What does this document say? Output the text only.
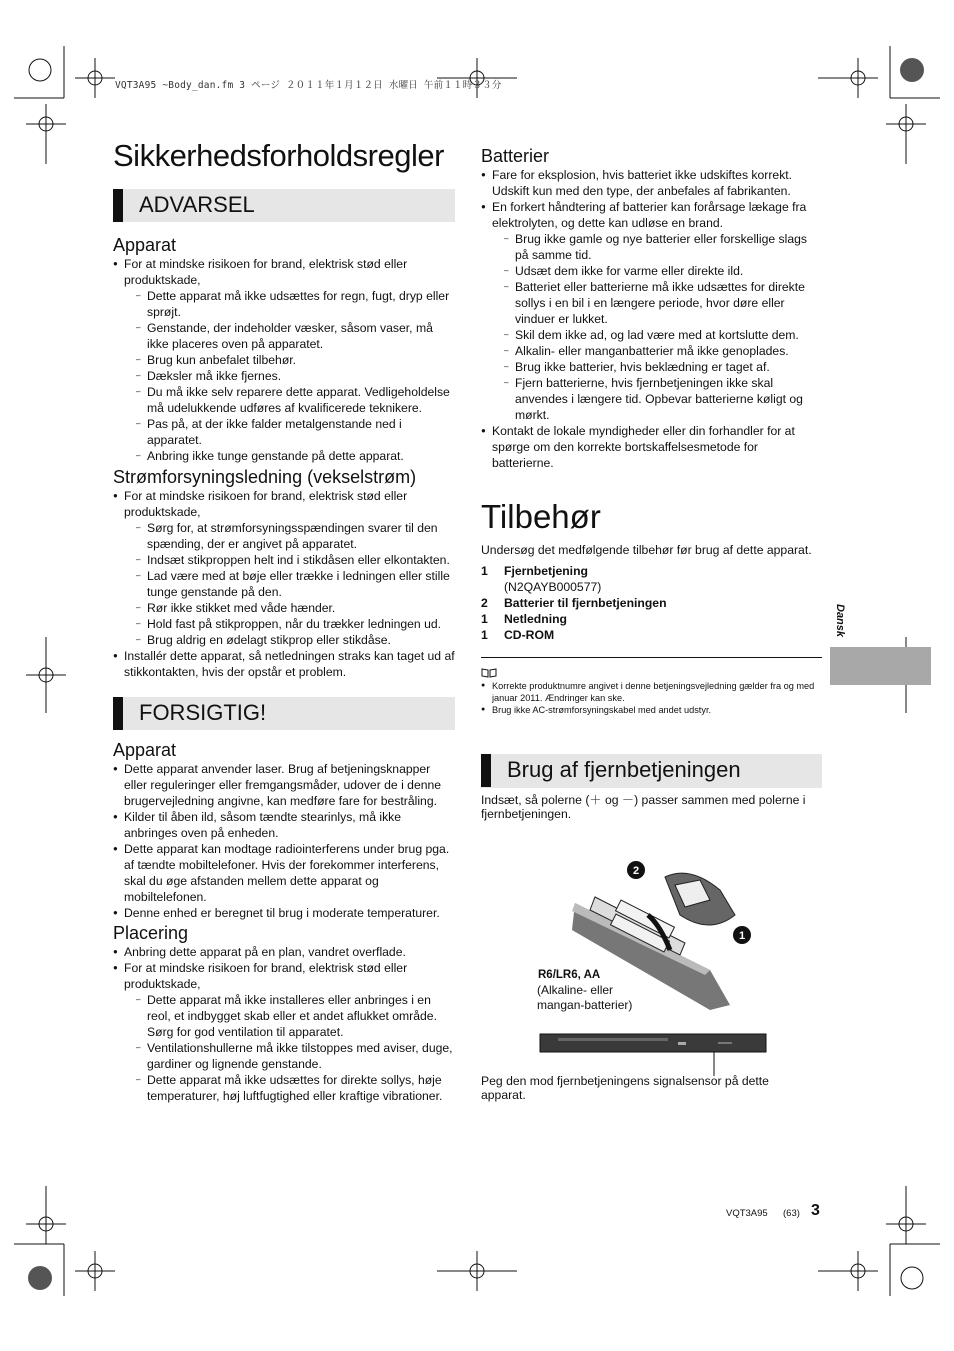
VQT3A95 ~Body_dan.fm 3 ページ ２０１１年１月１２日 水曜日 午前１１時３３分
Sikkerhedsforholdsregler
ADVARSEL
Apparat
● For at mindske risikoen for brand, elektrisk stød eller produktskade,
– Dette apparat må ikke udsættes for regn, fugt, dryp eller sprøjt.
– Genstande, der indeholder væsker, såsom vaser, må ikke placeres oven på apparatet.
– Brug kun anbefalet tilbehør.
– Dæksler må ikke fjernes.
– Du må ikke selv reparere dette apparat. Vedligeholdelse må udelukkende udføres af kvalificerede teknikere.
– Pas på, at der ikke falder metalgenstande ned i apparatet.
– Anbring ikke tunge genstande på dette apparat.
Strømforsyningsledning (vekselstrøm)
● For at mindske risikoen for brand, elektrisk stød eller produktskade,
– Sørg for, at strømforsyningsspændingen svarer til den spænding, der er angivet på apparatet.
– Indsæt stikproppen helt ind i stikdåsen eller elkontakten.
– Lad være med at bøje eller trække i ledningen eller stille tunge genstande på den.
– Rør ikke stikket med våde hænder.
– Hold fast på stikproppen, når du trækker ledningen ud.
– Brug aldrig en ødelagt stikprop eller stikdåse.
● Installér dette apparat, så netledningen straks kan taget ud af stikkontakten, hvis der opstår et problem.
FORSIGTIG!
Apparat
● Dette apparat anvender laser. Brug af betjeningsknapper eller reguleringer eller fremgangsmåder, udover de i denne brugervejledning angivne, kan medføre fare for bestråling.
● Kilder til åben ild, såsom tændte stearinlys, må ikke anbringes oven på enheden.
● Dette apparat kan modtage radiointerferens under brug pga. af tændte mobiltelefoner. Hvis der forekommer interferens, skal du øge afstanden mellem dette apparat og mobiltelefonen.
● Denne enhed er beregnet til brug i moderate temperaturer.
Placering
● Anbring dette apparat på en plan, vandret overflade.
● For at mindske risikoen for brand, elektrisk stød eller produktskade,
– Dette apparat må ikke installeres eller anbringes i en reol, et indbygget skab eller et andet aflukket område. Sørg for god ventilation til apparatet.
– Ventilationshullerne må ikke tilstoppes med aviser, duge, gardiner og lignende genstande.
– Dette apparat må ikke udsættes for direkte sollys, høje temperaturer, høj luftfugtighed eller kraftige vibrationer.
Batterier
● Fare for eksplosion, hvis batteriet ikke udskiftes korrekt. Udskift kun med den type, der anbefales af fabrikanten.
● En forkert håndtering af batterier kan forårsage lækage fra elektrolyten, og dette kan udløse en brand.
– Brug ikke gamle og nye batterier eller forskellige slags på samme tid.
– Udsæt dem ikke for varme eller direkte ild.
– Batteriet eller batterierne må ikke udsættes for direkte sollys i en bil i en længere periode, hvor døre eller vinduer er lukket.
– Skil dem ikke ad, og lad være med at kortslutte dem.
– Alkalin- eller manganbatterier må ikke genoplades.
– Brug ikke batterier, hvis beklædning er taget af.
– Fjern batterierne, hvis fjernbetjeningen ikke skal anvendes i længere tid. Opbevar batterierne køligt og mørkt.
● Kontakt de lokale myndigheder eller din forhandler for at spørge om den korrekte bortskaffelsesmetode for batterierne.
Tilbehør
Undersøg det medfølgende tilbehør før brug af dette apparat.
1	Fjernbetjening
(N2QAYB000577)
2	Batterier til fjernbetjeningen
1	Netledning
1	CD-ROM
● Korrekte produktnumre angivet i denne betjeningsvejledning gælder fra og med januar 2011. Ændringer kan ske.
● Brug ikke AC-strømforsyningskabel med andet udstyr.
Brug af fjernbetjeningen
Indsæt, så polerne (＋ og －) passer sammen med polerne i fjernbetjeningen.
2
1
R6/LR6, AA
(Alkaline- eller mangan-batterier)
Peg den mod fjernbetjeningens signalsensor på dette apparat.
Dansk
VQT3A95 (63) 3
